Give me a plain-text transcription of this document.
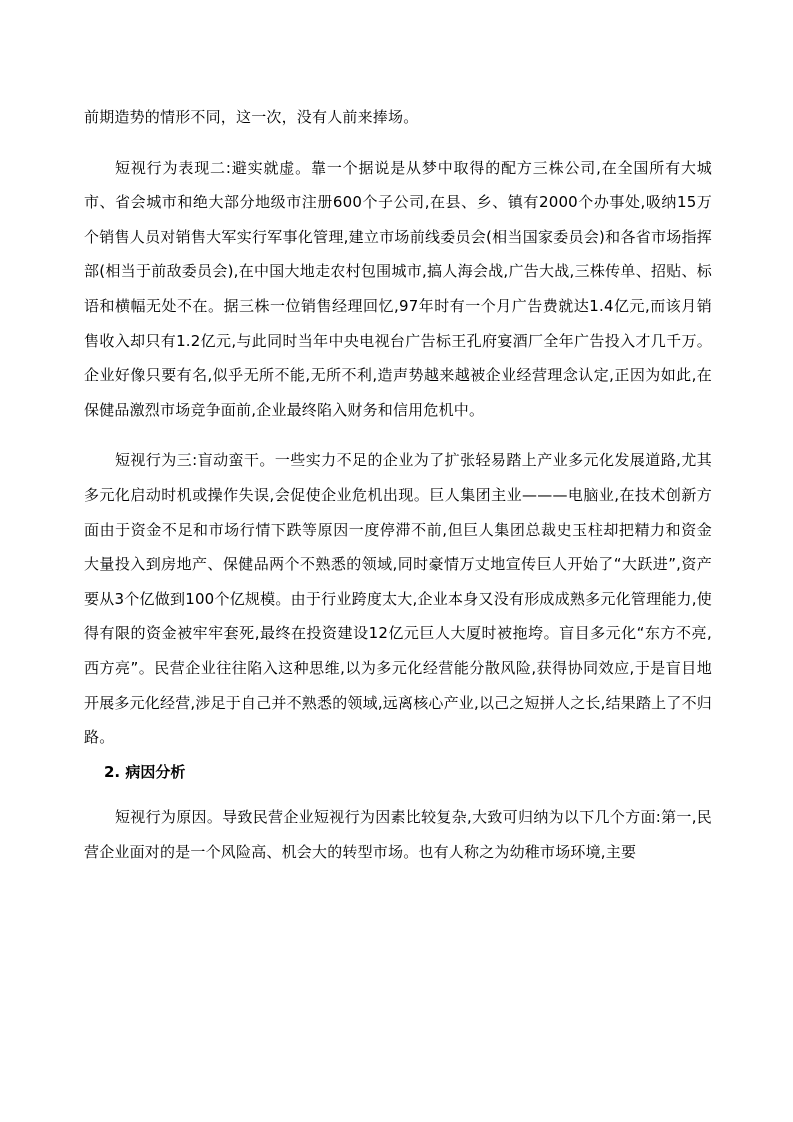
前期造势的情形不同，这一次，没有人前来捧场。

短视行为表现二:避实就虚。靠一个据说是从梦中取得的配方三株公司,在全国所有大城市、省会城市和绝大部分地级市注册600个子公司,在县、乡、镇有2000个办事处,吸纳15万个销售人员对销售大军实行军事化管理,建立市场前线委员会(相当国家委员会)和各省市场指挥部(相当于前敌委员会),在中国大地走农村包围城市,搞人海会战,广告大战,三株传单、招贴、标语和横幅无处不在。据三株一位销售经理回忆,97年时有一个月广告费就达1.4亿元,而该月销售收入却只有1.2亿元,与此同时当年中央电视台广告标王孔府宴酒厂全年广告投入才几千万。企业好像只要有名,似乎无所不能,无所不利,造声势越来越被企业经营理念认定,正因为如此,在保健品激烈市场竞争面前,企业最终陷入财务和信用危机中。

短视行为三:盲动蛮干。一些实力不足的企业为了扩张轻易踏上产业多元化发展道路,尤其多元化启动时机或操作失误,会促使企业危机出现。巨人集团主业———电脑业,在技术创新方面由于资金不足和市场行情下跌等原因一度停滞不前,但巨人集团总裁史玉柱却把精力和资金大量投入到房地产、保健品两个不熟悉的领域,同时豪情万丈地宣传巨人开始了“大跃进”,资产要从3个亿做到100个亿规模。由于行业跨度太大,企业本身又没有形成成熟多元化管理能力,使得有限的资金被牢牢套死,最终在投资建设12亿元巨人大厦时被拖垮。盲目多元化“东方不亮,西方亮”。民营企业往往陷入这种思维,以为多元化经营能分散风险,获得协同效应,于是盲目地开展多元化经营,涉足于自己并不熟悉的领域,远离核心产业,以己之短拼人之长,结果踏上了不归路。

2. 病因分析

短视行为原因。导致民营企业短视行为因素比较复杂,大致可归纳为以下几个方面:第一,民营企业面对的是一个风险高、机会大的转型市场。也有人称之为幼稚市场环境,主要
